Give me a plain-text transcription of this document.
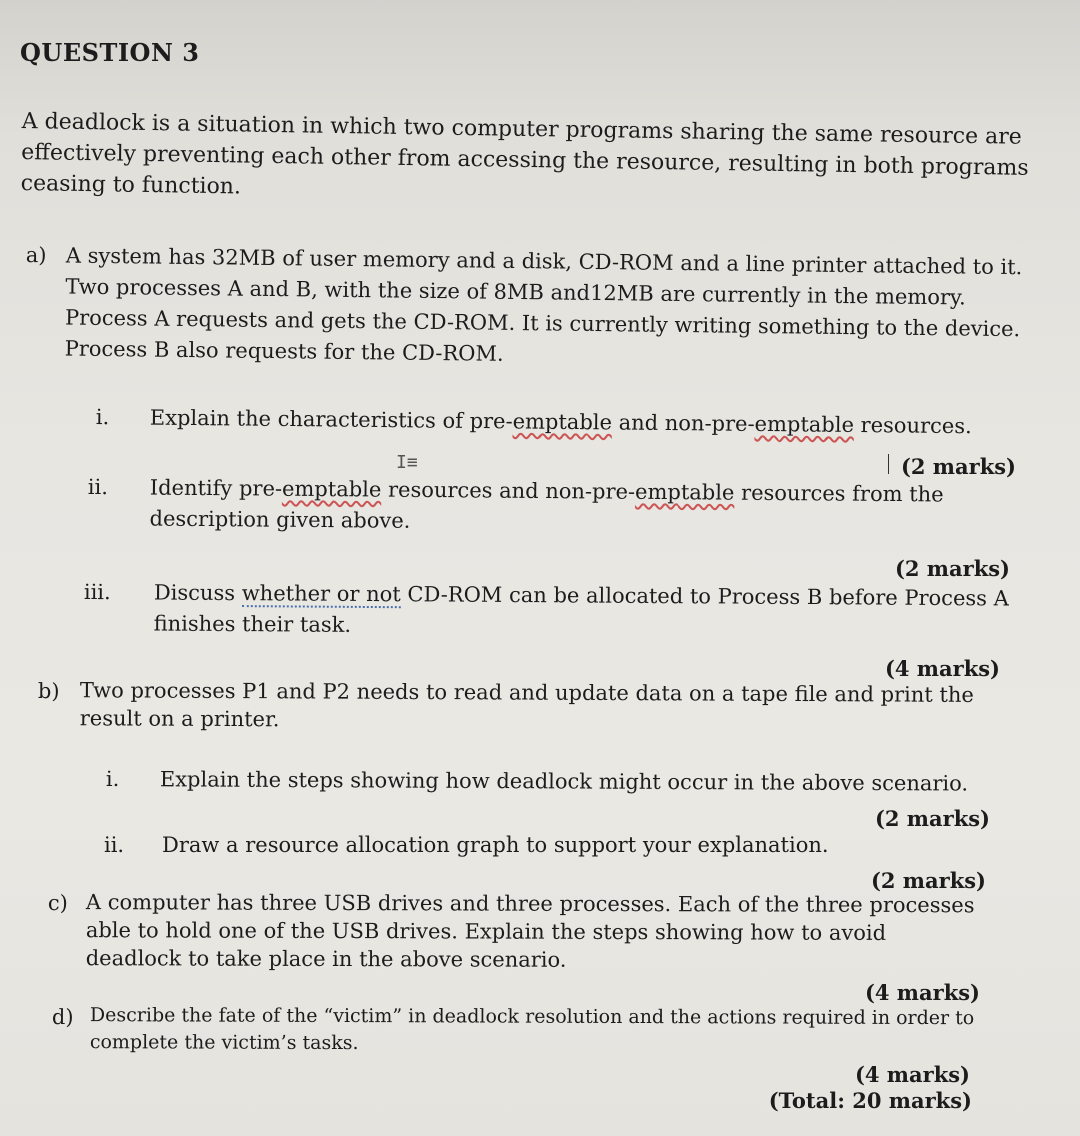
QUESTION 3
A deadlock is a situation in which two computer programs sharing the same resource are effectively preventing each other from accessing the resource, resulting in both programs ceasing to function.
a) A system has 32MB of user memory and a disk, CD-ROM and a line printer attached to it. Two processes A and B, with the size of 8MB and12MB are currently in the memory. Process A requests and gets the CD-ROM. It is currently writing something to the device. Process B also requests for the CD-ROM.
i. Explain the characteristics of pre-emptable and non-pre-emptable resources.
(2 marks)
I≡
ii. Identify pre-emptable resources and non-pre-emptable resources from the description given above.
(2 marks)
iii. Discuss whether or not CD-ROM can be allocated to Process B before Process A finishes their task.
(4 marks)
b) Two processes P1 and P2 needs to read and update data on a tape file and print the result on a printer.
i. Explain the steps showing how deadlock might occur in the above scenario.
(2 marks)
ii. Draw a resource allocation graph to support your explanation.
(2 marks)
c) A computer has three USB drives and three processes. Each of the three processes able to hold one of the USB drives. Explain the steps showing how to avoid deadlock to take place in the above scenario.
(4 marks)
d) Describe the fate of the “victim” in deadlock resolution and the actions required in order to complete the victim’s tasks.
(4 marks)
(Total: 20 marks)
